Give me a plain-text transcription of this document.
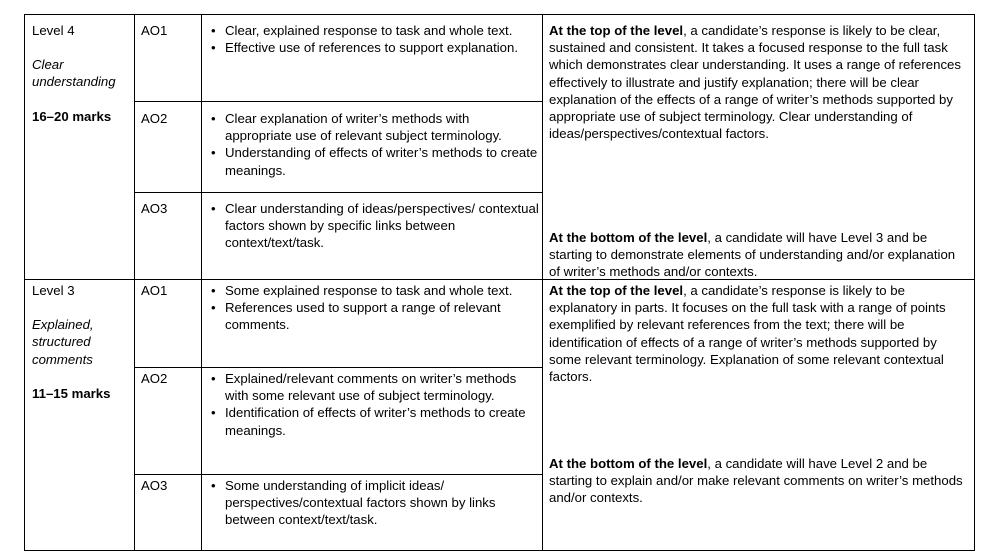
Level 4
Clear understanding
16–20 marks
AO1	• Clear, explained response to task and whole text.
• Effective use of references to support explanation.
AO2	• Clear explanation of writer’s methods with appropriate use of relevant subject terminology.
• Understanding of effects of writer’s methods to create meanings.
AO3	• Clear understanding of ideas/perspectives/ contextual factors shown by specific links between context/text/task.
At the top of the level, a candidate’s response is likely to be clear, sustained and consistent. It takes a focused response to the full task which demonstrates clear understanding. It uses a range of references effectively to illustrate and justify explanation; there will be clear explanation of the effects of a range of writer’s methods supported by appropriate use of subject terminology. Clear understanding of ideas/perspectives/contextual factors.
At the bottom of the level, a candidate will have Level 3 and be starting to demonstrate elements of understanding and/or explanation of writer’s methods and/or contexts.
Level 3
Explained, structured comments
11–15 marks
AO1	• Some explained response to task and whole text.
• References used to support a range of relevant comments.
AO2	• Explained/relevant comments on writer’s methods with some relevant use of subject terminology.
• Identification of effects of writer’s methods to create meanings.
AO3	• Some understanding of implicit ideas/ perspectives/contextual factors shown by links between context/text/task.
At the top of the level, a candidate’s response is likely to be explanatory in parts. It focuses on the full task with a range of points exemplified by relevant references from the text; there will be identification of effects of a range of writer’s methods supported by some relevant terminology. Explanation of some relevant contextual factors.
At the bottom of the level, a candidate will have Level 2 and be starting to explain and/or make relevant comments on writer’s methods and/or contexts.
